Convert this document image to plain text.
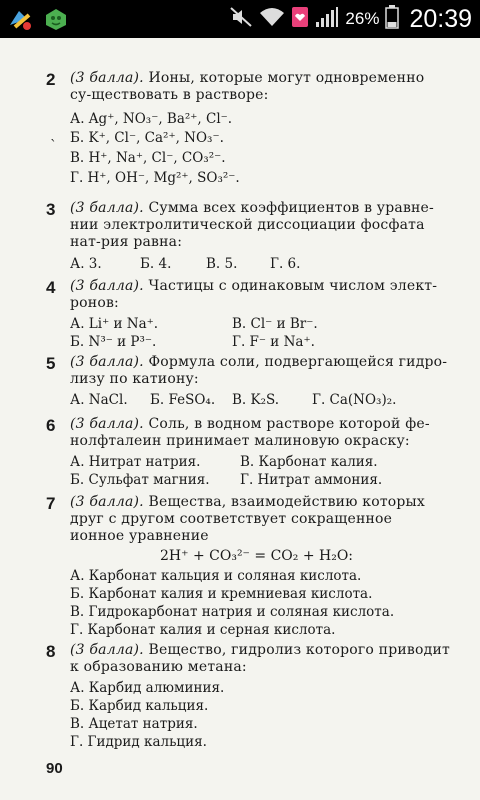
26% 20:39
2 (3 балла). Ионы, которые могут одновременно су-ществовать в растворе:
А. Ag⁺, NO₃⁻, Ba²⁺, Cl⁻.
Б. K⁺, Cl⁻, Ca²⁺, NO₃⁻.
В. H⁺, Na⁺, Cl⁻, CO₃²⁻.
Г. H⁺, OH⁻, Mg²⁺, SO₃²⁻.
`
3 (3 балла). Сумма всех коэффициентов в уравне-нии электролитической диссоциации фосфата нат-рия равна:
А. 3.	Б. 4.	В. 5. Г. 6.
4 (3 балла). Частицы с одинаковым числом элект-ронов:
А. Li⁺ и Na⁺.	В. Cl⁻ и Br⁻.
Б. N³⁻ и P³⁻.	Г. F⁻ и Na⁺.
5 (3 балла). Формула соли, подвергающейся гидро-лизу по катиону:
А. NaCl. Б. FeSO₄. В. K₂S. Г. Ca(NO₃)₂.
6 (3 балла). Соль, в водном растворе которой фе-нолфталеин принимает малиновую окраску:
А. Нитрат натрия.	В. Карбонат калия.
Б. Сульфат магния. Г. Нитрат аммония.
7 (3 балла). Вещества, взаимодействию которых друг с другом соответствует сокращенное ионное уравнение
2H⁺ + CO₃²⁻ = CO₂ + H₂O:
А. Карбонат кальция и соляная кислота.
Б. Карбонат калия и кремниевая кислота.
В. Гидрокарбонат натрия и соляная кислота.
Г. Карбонат калия и серная кислота.
8 (3 балла). Вещество, гидролиз которого приводит к образованию метана:
А. Карбид алюминия.
Б. Карбид кальция.
В. Ацетат натрия.
Г. Гидрид кальция.
90
